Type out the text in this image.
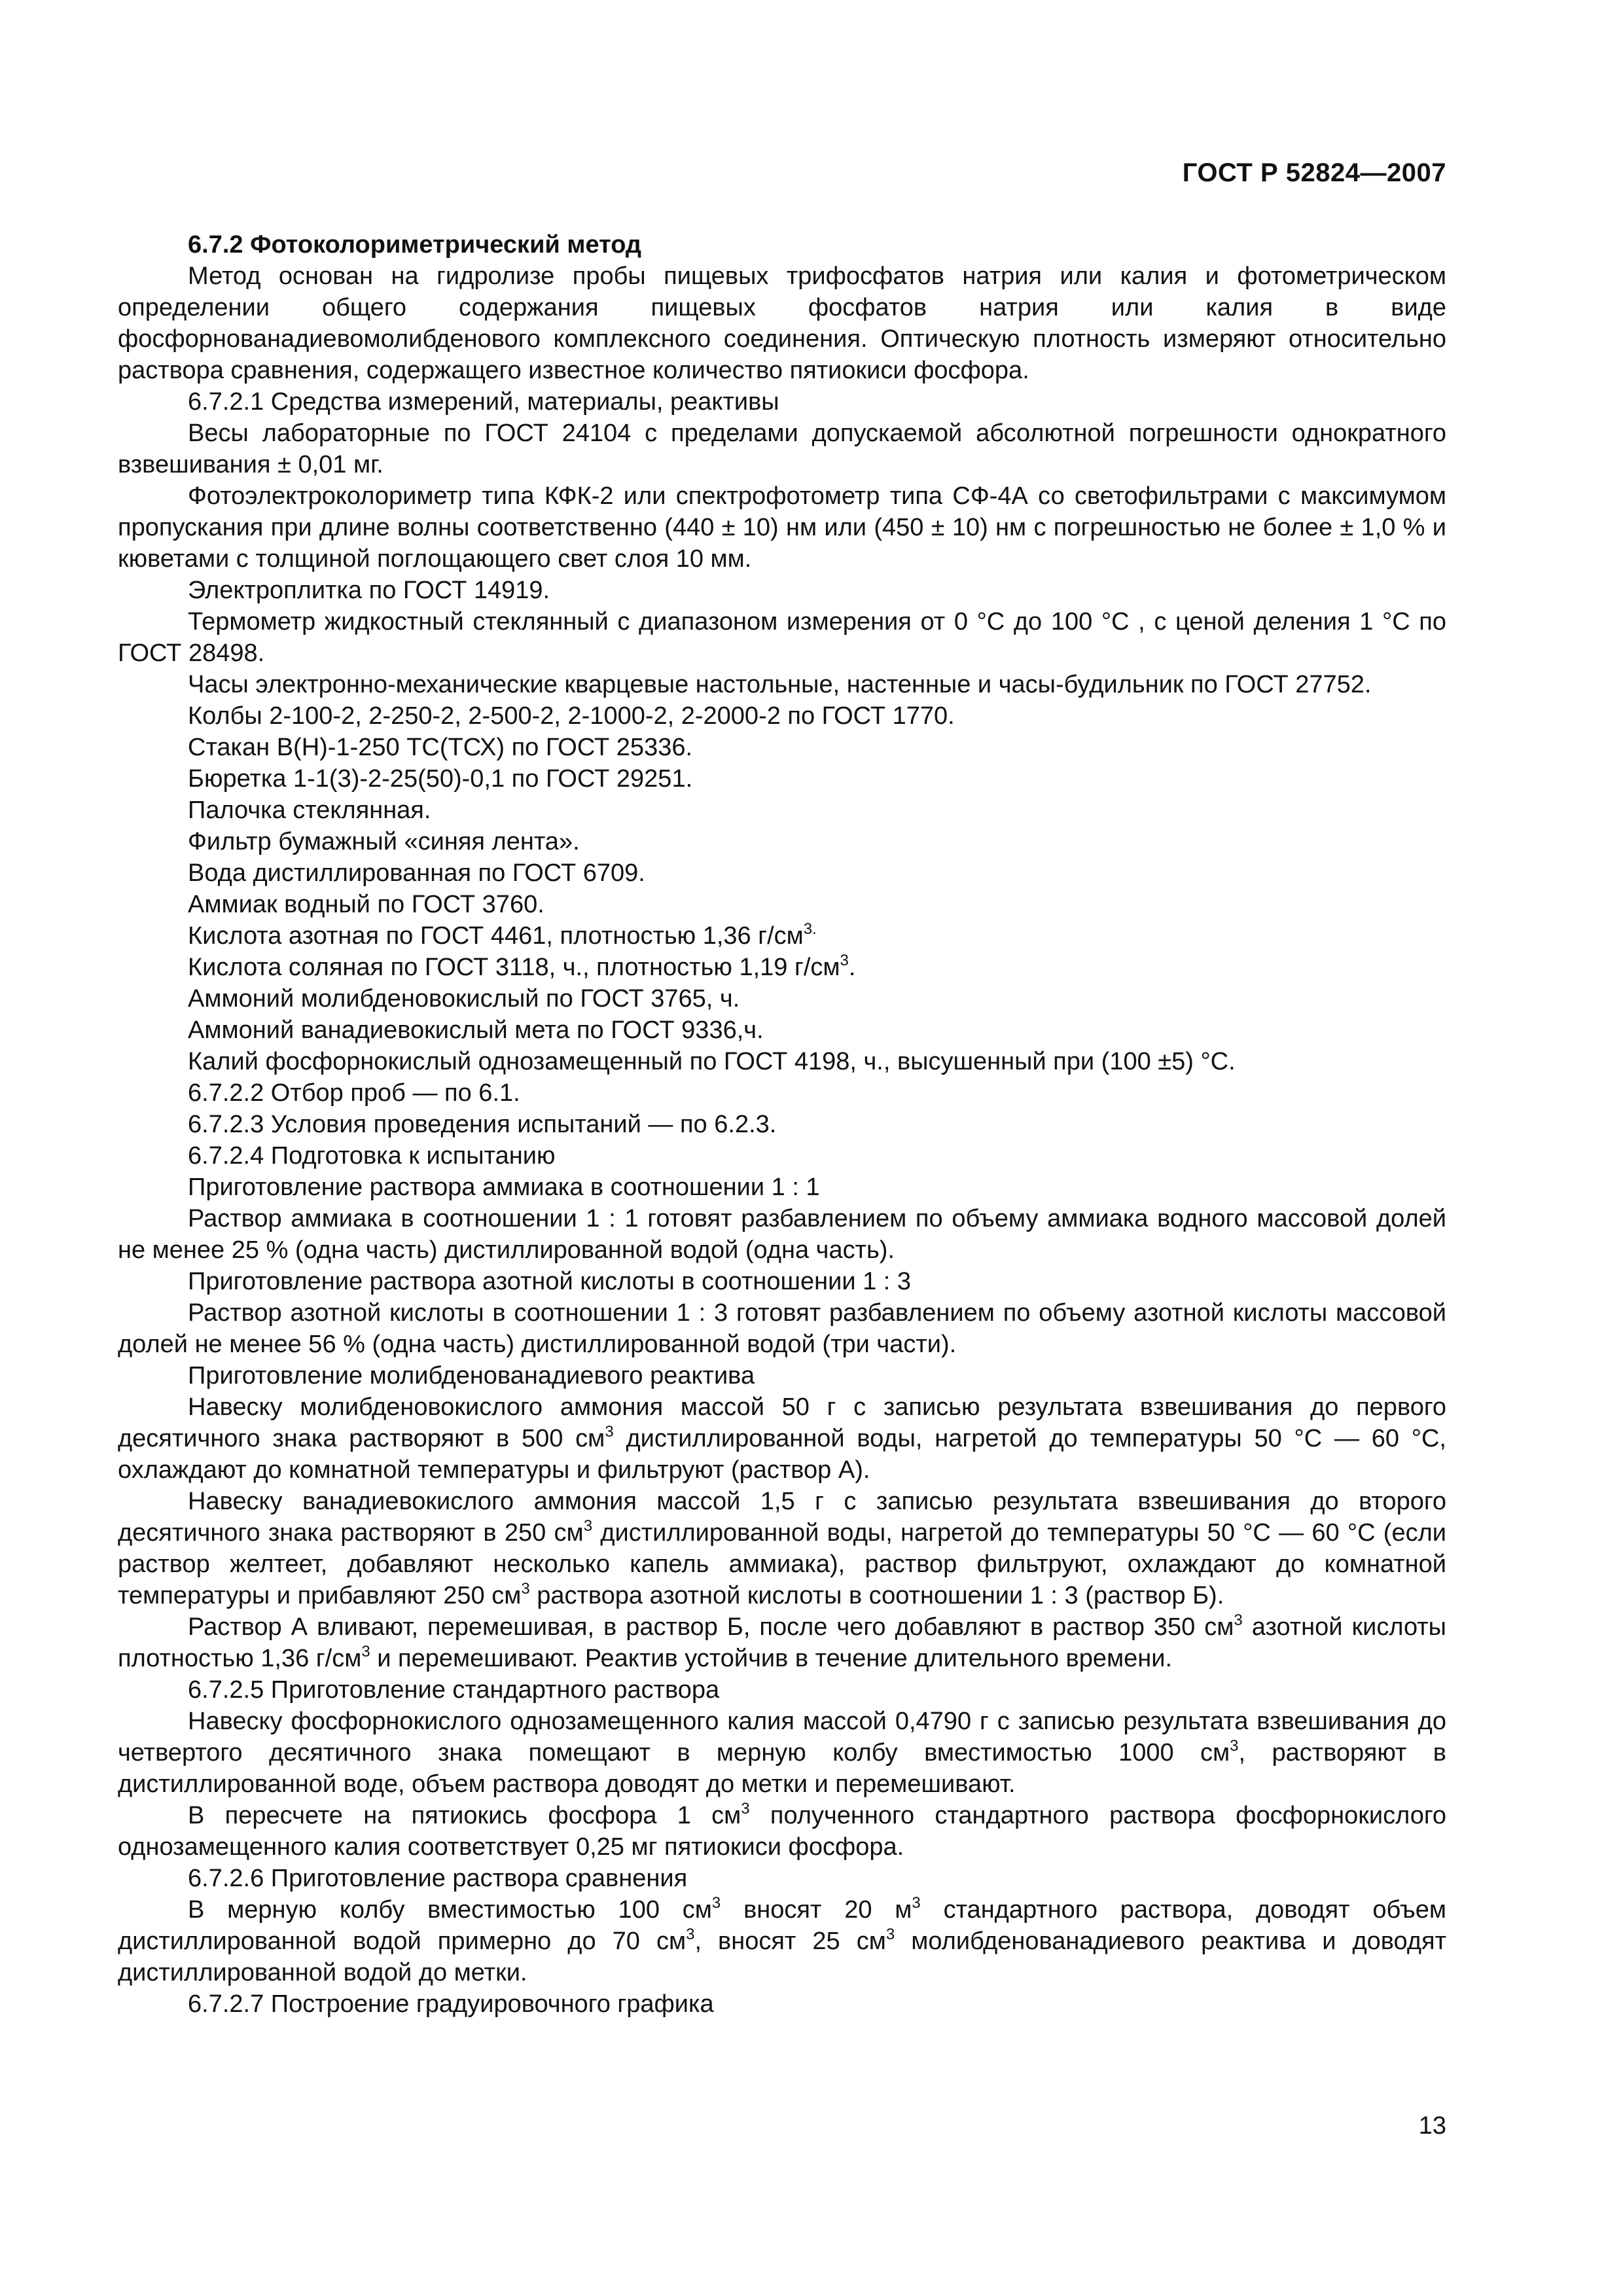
ГОСТ Р 52824—2007

6.7.2 Фотоколориметрический метод

Метод основан на гидролизе пробы пищевых трифосфатов натрия или калия и фотометрическом определении общего содержания пищевых фосфатов натрия или калия в виде фосфорнованадиевомолибденового комплексного соединения. Оптическую плотность измеряют относительно раствора сравнения, содержащего известное количество пятиокиси фосфора.

6.7.2.1 Средства измерений, материалы, реактивы

Весы лабораторные по ГОСТ 24104 с пределами допускаемой абсолютной погрешности однократного взвешивания ± 0,01 мг.

Фотоэлектроколориметр типа КФК-2 или спектрофотометр типа СФ-4А со светофильтрами с максимумом пропускания при длине волны соответственно (440 ± 10) нм или (450 ± 10) нм с погрешностью не более ± 1,0 % и кюветами с толщиной поглощающего свет слоя 10 мм.

Электроплитка по ГОСТ 14919.

Термометр жидкостный стеклянный с диапазоном измерения от 0 °С до 100 °С , с ценой деления 1 °С по ГОСТ 28498.

Часы электронно-механические кварцевые настольные, настенные и часы-будильник по ГОСТ 27752.

Колбы 2-100-2, 2-250-2, 2-500-2, 2-1000-2, 2-2000-2 по ГОСТ 1770.

Стакан В(Н)-1-250 ТС(ТСХ) по ГОСТ 25336.

Бюретка 1-1(3)-2-25(50)-0,1 по ГОСТ 29251.

Палочка стеклянная.

Фильтр бумажный «синяя лента».

Вода дистиллированная по ГОСТ 6709.

Аммиак водный по ГОСТ 3760.

Кислота азотная по ГОСТ 4461, плотностью 1,36 $г/см^{3.}$

Кислота соляная по ГОСТ 3118, ч., плотностью 1,19 $г/см^3$.

Аммоний молибденовокислый по ГОСТ 3765, ч.

Аммоний ванадиевокислый мета по ГОСТ 9336,ч.

Калий фосфорнокислый однозамещенный по ГОСТ 4198, ч., высушенный при (100 ±5) °С.

6.7.2.2 Отбор проб — по 6.1.

6.7.2.3 Условия проведения испытаний — по 6.2.3.

6.7.2.4 Подготовка к испытанию

Приготовление раствора аммиака в соотношении 1 : 1

Раствор аммиака в соотношении 1 : 1 готовят разбавлением по объему аммиака водного массовой долей не менее 25 % (одна часть) дистиллированной водой (одна часть).

Приготовление раствора азотной кислоты в соотношении 1 : 3

Раствор азотной кислоты в соотношении 1 : 3 готовят разбавлением по объему азотной кислоты массовой долей не менее 56 % (одна часть) дистиллированной водой (три части).

Приготовление молибденованадиевого реактива

Навеску молибденовокислого аммония массой 50 г с записью результата взвешивания до первого десятичного знака растворяют в 500 $см^3$ дистиллированной воды, нагретой до температуры 50 °С — 60 °С, охлаждают до комнатной температуры и фильтруют (раствор А).

Навеску ванадиевокислого аммония массой 1,5 г с записью результата взвешивания до второго десятичного знака растворяют в 250 $см^3$ дистиллированной воды, нагретой до температуры 50 °С — 60 °С (если раствор желтеет, добавляют несколько капель аммиака), раствор фильтруют, охлаждают до комнатной температуры и прибавляют 250 $см^3$ раствора азотной кислоты в соотношении 1 : 3 (раствор Б).

Раствор А вливают, перемешивая, в раствор Б, после чего добавляют в раствор 350 $см^3$ азотной кислоты плотностью 1,36 $г/см^3$ и перемешивают. Реактив устойчив в течение длительного времени.

6.7.2.5 Приготовление стандартного раствора

Навеску фосфорнокислого однозамещенного калия массой 0,4790 г с записью результата взвешивания до четвертого десятичного знака помещают в мерную колбу вместимостью 1000 $см^3$, растворяют в дистиллированной воде, объем раствора доводят до метки и перемешивают.

В пересчете на пятиокись фосфора 1 $см^3$ полученного стандартного раствора фосфорнокислого однозамещенного калия соответствует 0,25 мг пятиокиси фосфора.

6.7.2.6 Приготовление раствора сравнения

В мерную колбу вместимостью 100 $см^3$ вносят 20 $м^3$ стандартного раствора, доводят объем дистиллированной водой примерно до 70 $см^3$, вносят 25 $см^3$ молибденованадиевого реактива и доводят дистиллированной водой до метки.

6.7.2.7 Построение градуировочного графика

13
